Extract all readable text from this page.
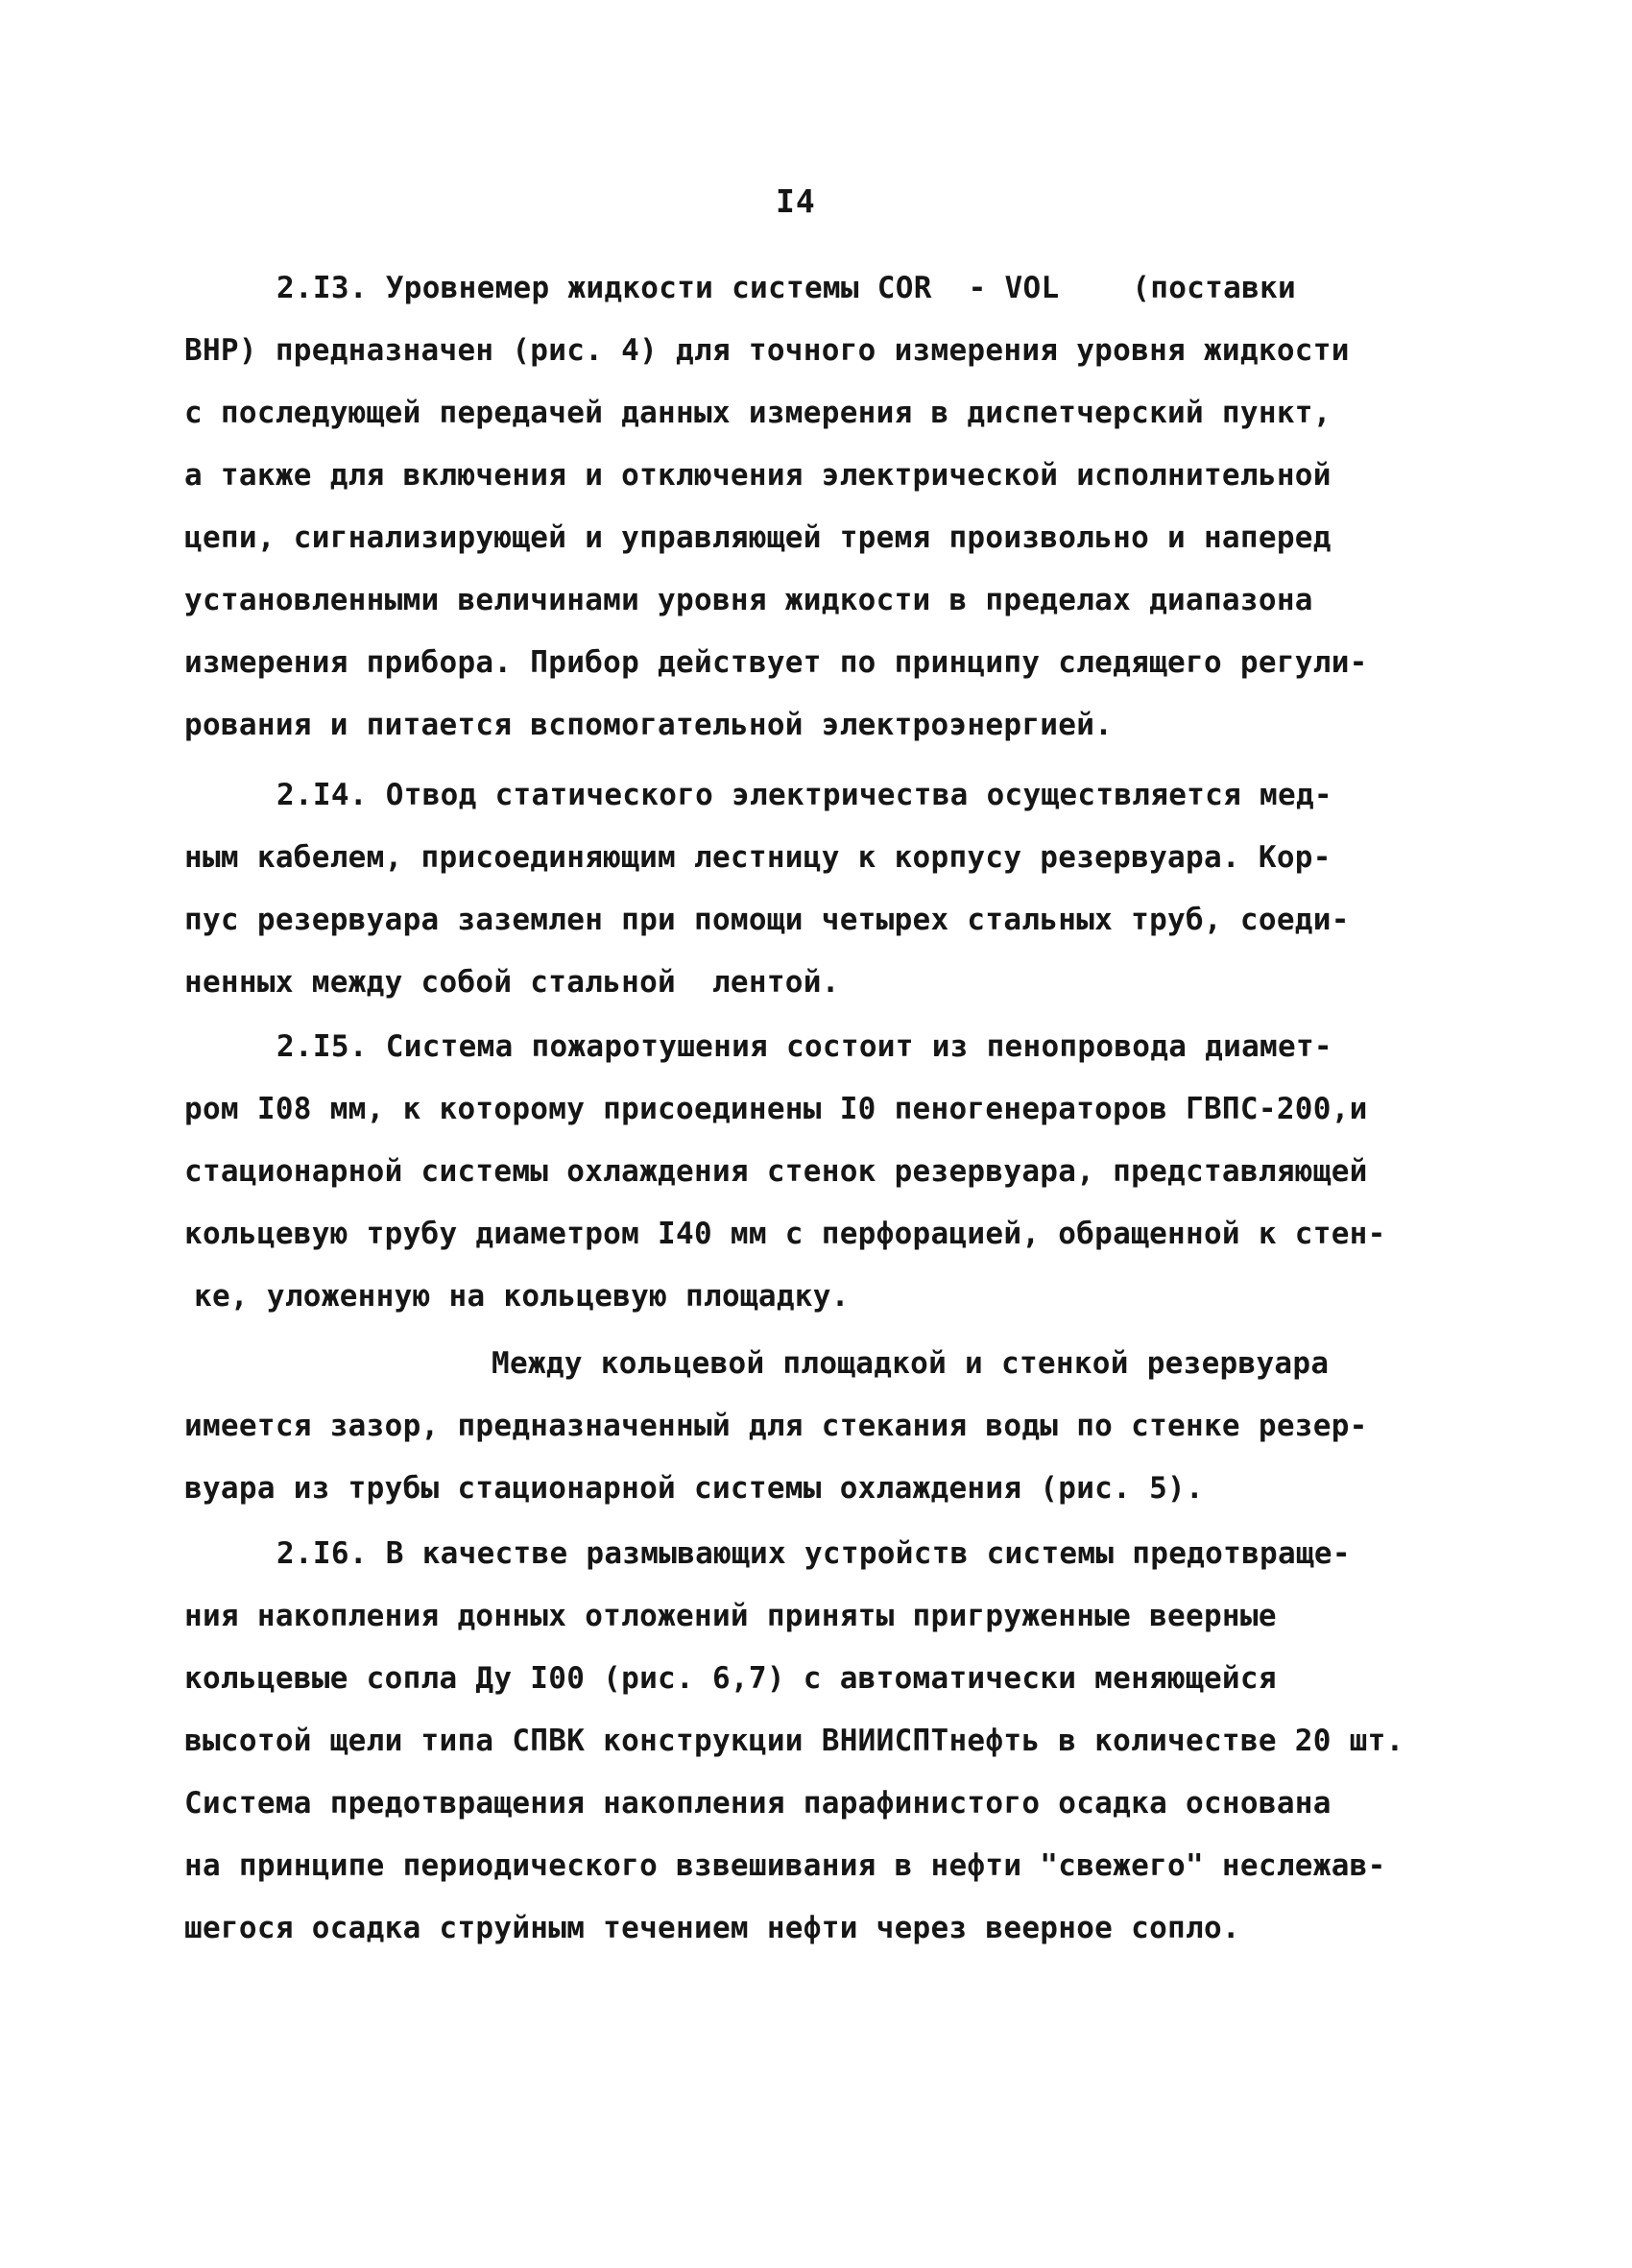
I4
2.I3. Уровнемер жидкости системы COR  - VOL    (поставки
ВНР) предназначен (рис. 4) для точного измерения уровня жидкости
с последующей передачей данных измерения в диспетчерский пункт,
а также для включения и отключения электрической исполнительной
цепи, сигнализирующей и управляющей тремя произвольно и наперед
установленными величинами уровня жидкости в пределах диапазона
измерения прибора. Прибор действует по принципу следящего регули-
рования и питается вспомогательной электроэнергией.
2.I4. Отвод статического электричества осуществляется мед-
ным кабелем, присоединяющим лестницу к корпусу резервуара. Кор-
пус резервуара заземлен при помощи четырех стальных труб, соеди-
ненных между собой стальной  лентой.
2.I5. Система пожаротушения состоит из пенопровода диамет-
ром I08 мм, к которому присоединены I0 пеногенераторов ГВПС-200,и
стационарной системы охлаждения стенок резервуара, представляющей
кольцевую трубу диаметром I40 мм с перфорацией, обращенной к стен-
ке, уложенную на кольцевую площадку.
Между кольцевой площадкой и стенкой резервуара
имеется зазор, предназначенный для стекания воды по стенке резер-
вуара из трубы стационарной системы охлаждения (рис. 5).
2.I6. В качестве размывающих устройств системы предотвраще-
ния накопления донных отложений приняты пригруженные веерные
кольцевые сопла Ду I00 (рис. 6,7) с автоматически меняющейся
высотой щели типа СПВК конструкции ВНИИСПТнефть в количестве 20 шт.
Система предотвращения накопления парафинистого осадка основана
на принципе периодического взвешивания в нефти "свежего" неслежав-
шегося осадка струйным течением нефти через веерное сопло.
